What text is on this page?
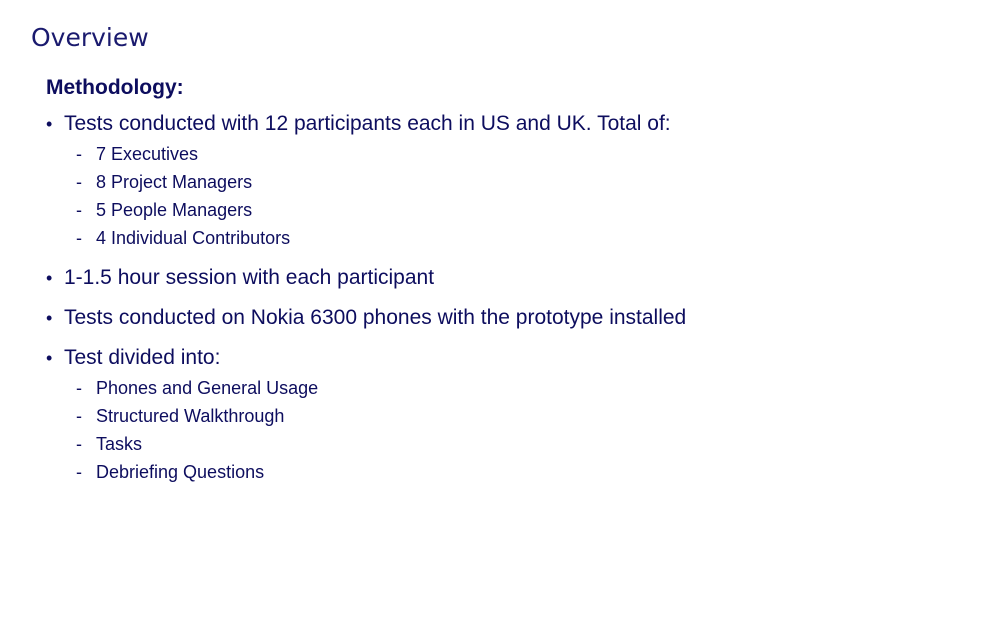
Overview
Methodology:
• Tests conducted with 12 participants each in US and UK. Total of:
- 7 Executives
- 8 Project Managers
- 5 People Managers
- 4 Individual Contributors
• 1-1.5 hour session with each participant
• Tests conducted on Nokia 6300 phones with the prototype installed
• Test divided into:
- Phones and General Usage
- Structured Walkthrough
- Tasks
- Debriefing Questions
